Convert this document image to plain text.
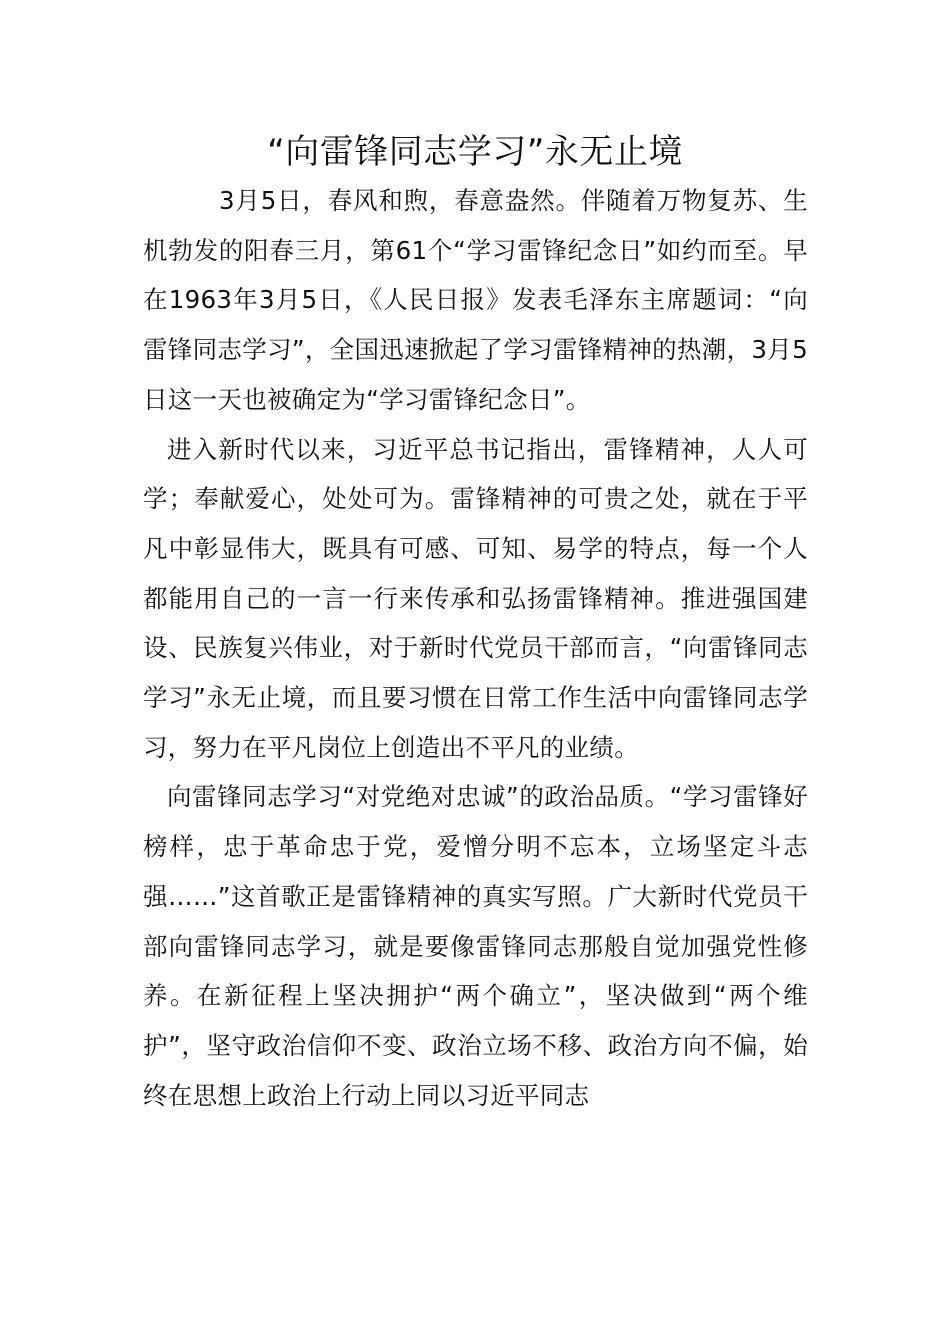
“向雷锋同志学习”永无止境

3月5日，春风和煦，春意盎然。伴随着万物复苏、生机勃发的阳春三月，第61个“学习雷锋纪念日”如约而至。早在1963年3月5日，《人民日报》发表毛泽东主席题词：“向雷锋同志学习”，全国迅速掀起了学习雷锋精神的热潮，3月5日这一天也被确定为“学习雷锋纪念日”。

进入新时代以来，习近平总书记指出，雷锋精神，人人可学；奉献爱心，处处可为。雷锋精神的可贵之处，就在于平凡中彰显伟大，既具有可感、可知、易学的特点，每一个人都能用自己的一言一行来传承和弘扬雷锋精神。推进强国建设、民族复兴伟业，对于新时代党员干部而言，“向雷锋同志学习”永无止境，而且要习惯在日常工作生活中向雷锋同志学习，努力在平凡岗位上创造出不平凡的业绩。

向雷锋同志学习“对党绝对忠诚”的政治品质。“学习雷锋好榜样，忠于革命忠于党，爱憎分明不忘本，立场坚定斗志强……”这首歌正是雷锋精神的真实写照。广大新时代党员干部向雷锋同志学习，就是要像雷锋同志那般自觉加强党性修养。在新征程上坚决拥护“两个确立”，坚决做到“两个维护”，坚守政治信仰不变、政治立场不移、政治方向不偏，始终在思想上政治上行动上同以习近平同志
